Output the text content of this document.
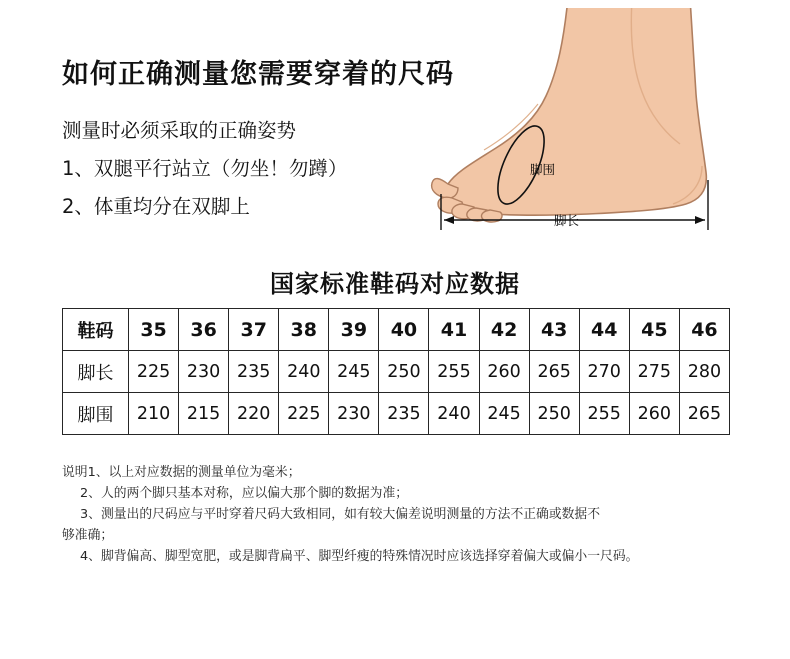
如何正确测量您需要穿着的尺码
测量时必须采取的正确姿势
1、双腿平行站立（勿坐！勿蹲）
2、体重均分在双脚上
脚围
脚长
国家标准鞋码对应数据
鞋码	35	36	37	38	39	40	41	42	43	44	45	46
脚长	225	230	235	240	245	250	255	260	265	270	275	280
脚围	210	215	220	225	230	235	240	245	250	255	260	265
说明1、以上对应数据的测量单位为毫米；
2、人的两个脚只基本对称，应以偏大那个脚的数据为准；
3、测量出的尺码应与平时穿着尺码大致相同，如有较大偏差说明测量的方法不正确或数据不
够准确；
4、脚背偏高、脚型宽肥，或是脚背扁平、脚型纤瘦的特殊情况时应该选择穿着偏大或偏小一尺码。
